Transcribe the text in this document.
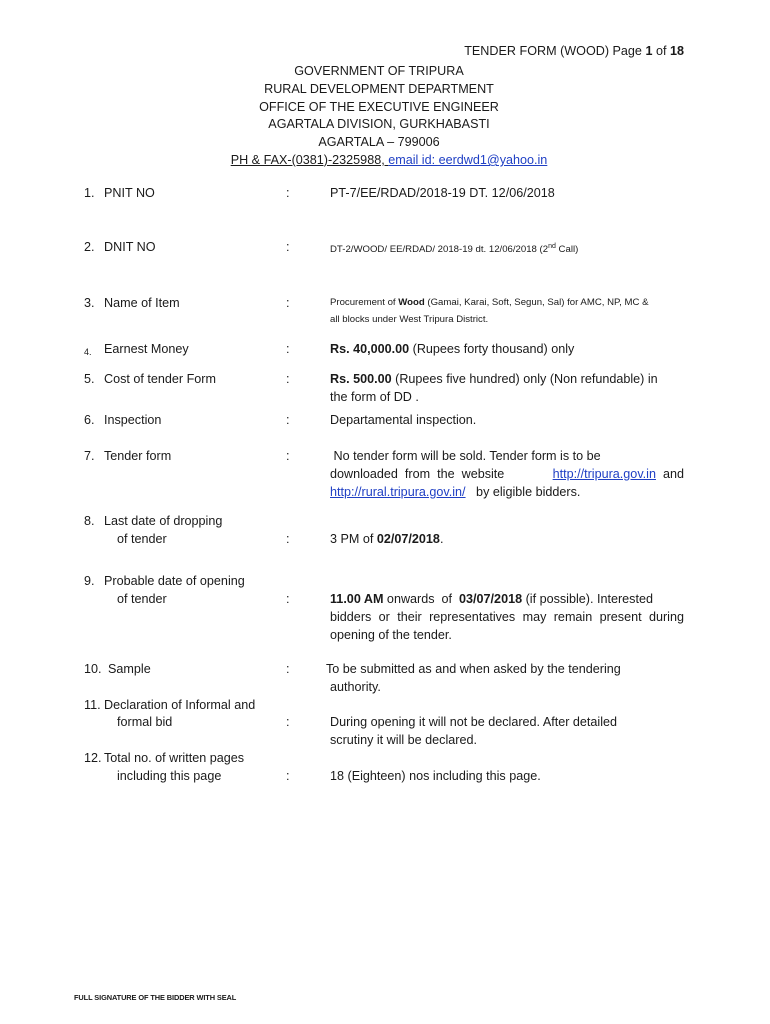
TENDER FORM (WOOD) Page 1 of 18
GOVERNMENT OF TRIPURA
RURAL DEVELOPMENT DEPARTMENT
OFFICE OF THE EXECUTIVE ENGINEER
AGARTALA DIVISION, GURKHABASTI
AGARTALA – 799006
PH & FAX-(0381)-2325988, email id: eerdwd1@yahoo.in
1. PNIT NO	:	PT-7/EE/RDAD/2018-19 DT. 12/06/2018
2. DNIT NO	:	DT-2/WOOD/ EE/RDAD/ 2018-19 dt. 12/06/2018 (2nd Call)
3. Name of Item	:	Procurement of Wood (Gamai, Karai, Soft, Segun, Sal) for AMC, NP, MC &
all blocks under West Tripura District.
4. Earnest Money	:	Rs. 40,000.00 (Rupees forty thousand) only
5. Cost of tender Form	:	Rs. 500.00 (Rupees five hundred) only (Non refundable) in
the form of DD .
6. Inspection	:	Departamental inspection.
7. Tender form	:	No tender form will be sold. Tender form is to be
downloaded  from  the  website	http://tripura.gov.in  and
http://rural.tripura.gov.in/   by eligible bidders.
8. Last date of dropping
of tender	:	3 PM of 02/07/2018.
9. Probable date of opening
of tender	:	11.00 AM onwards  of  03/07/2018 (if possible). Interested
bidders or their representatives may remain present during
opening of the tender.
10. Sample	:	To be submitted as and when asked by the tendering
authority.
11. Declaration of Informal and
formal bid	:	During opening it will not be declared. After detailed
scrutiny it will be declared.
12. Total no. of written pages
including this page	:	18 (Eighteen) nos including this page.
FULL SIGNATURE OF THE BIDDER WITH SEAL
